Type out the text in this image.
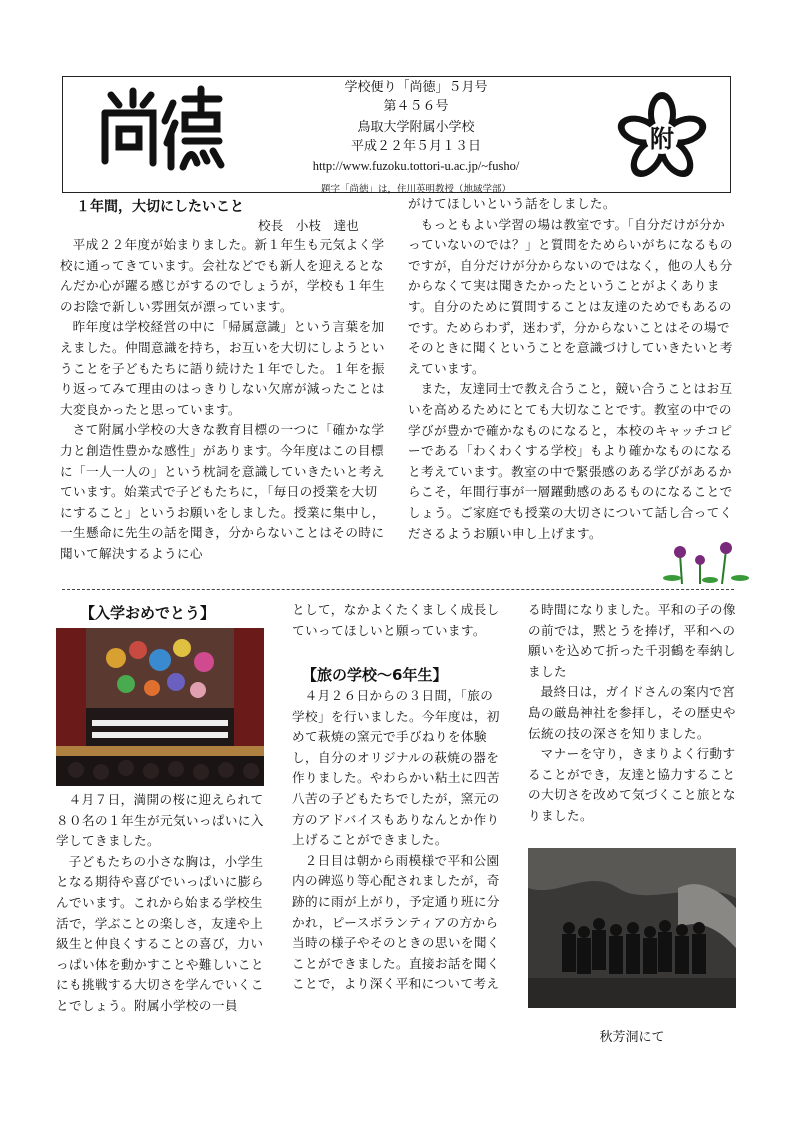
学校便り「尚徳」５月号
第４５６号
鳥取大学附属小学校
平成２２年５月１３日
http://www.fuzoku.tottori-u.ac.jp/~fusho/
題字「尚徳」は，住川英明教授（地域学部）
附
１年間，大切にしたいこと
校長　小枝　達也

平成２２年度が始まりました。新１年生も元気よく学校に通ってきています。会社などでも新人を迎えるとなんだか心が躍る感じがするのでしょうが，学校も１年生のお陰で新しい雰囲気が漂っています。

昨年度は学校経営の中に「帰属意識」という言葉を加えました。仲間意識を持ち，お互いを大切にしようということを子どもたちに語り続けた１年でした。１年を振り返ってみて理由のはっきりしない欠席が減ったことは大変良かったと思っています。

さて附属小学校の大きな教育目標の一つに「確かな学力と創造性豊かな感性」があります。今年度はこの目標に「一人一人の」という枕詞を意識していきたいと考えています。始業式で子どもたちに，「毎日の授業を大切にすること」というお願いをしました。授業に集中し，一生懸命に先生の話を聞き，分からないことはその時に聞いて解決するように心

がけてほしいという話をしました。

もっともよい学習の場は教室です。「自分だけが分かっていないのでは？」と質問をためらいがちになるものですが，自分だけが分からないのではなく，他の人も分からなくて実は聞きたかったということがよくあります。自分のために質問することは友達のためでもあるのです。ためらわず，迷わず，分からないことはその場でそのときに聞くということを意識づけしていきたいと考えています。

また，友達同士で教え合うこと，競い合うことはお互いを高めるためにとても大切なことです。教室の中での学びが豊かで確かなものになると，本校のキャッチコピーである「わくわくする学校」もより確かなものになると考えています。教室の中で緊張感のある学びがあるからこそ，年間行事が一層躍動感のあるものになることでしょう。ご家庭でも授業の大切さについて話し合ってくださるようお願い申し上げます。

【入学おめでとう】

４月７日，満開の桜に迎えられて８０名の１年生が元気いっぱいに入学してきました。

子どもたちの小さな胸は，小学生となる期待や喜びでいっぱいに膨らんでいます。これから始まる学校生活で，学ぶことの楽しさ，友達や上級生と仲良くすることの喜び，力いっぱい体を動かすことや難しいことにも挑戦する大切さを学んでいくことでしょう。附属小学校の一員

として，なかよくたくましく成長していってほしいと願っています。

【旅の学校～6年生】

４月２６日からの３日間，「旅の学校」を行いました。今年度は，初めて萩焼の窯元で手びねりを体験し，自分のオリジナルの萩焼の器を作りました。やわらかい粘土に四苦八苦の子どもたちでしたが，窯元の方のアドバイスもありなんとか作り上げることができました。

２日目は朝から雨模様で平和公園内の碑巡り等心配されましたが，奇跡的に雨が上がり，予定通り班に分かれ，ピースボランティアの方から当時の様子やそのときの思いを聞くことができました。直接お話を聞くことで，より深く平和について考え

る時間になりました。平和の子の像の前では，黙とうを捧げ，平和への願いを込めて折った千羽鶴を奉納しました

最終日は，ガイドさんの案内で宮島の厳島神社を参拝し，その歴史や伝統の技の深さを知りました。

マナーを守り，きまりよく行動することができ，友達と協力することの大切さを改めて気づくこと旅となりました。

秋芳洞にて
